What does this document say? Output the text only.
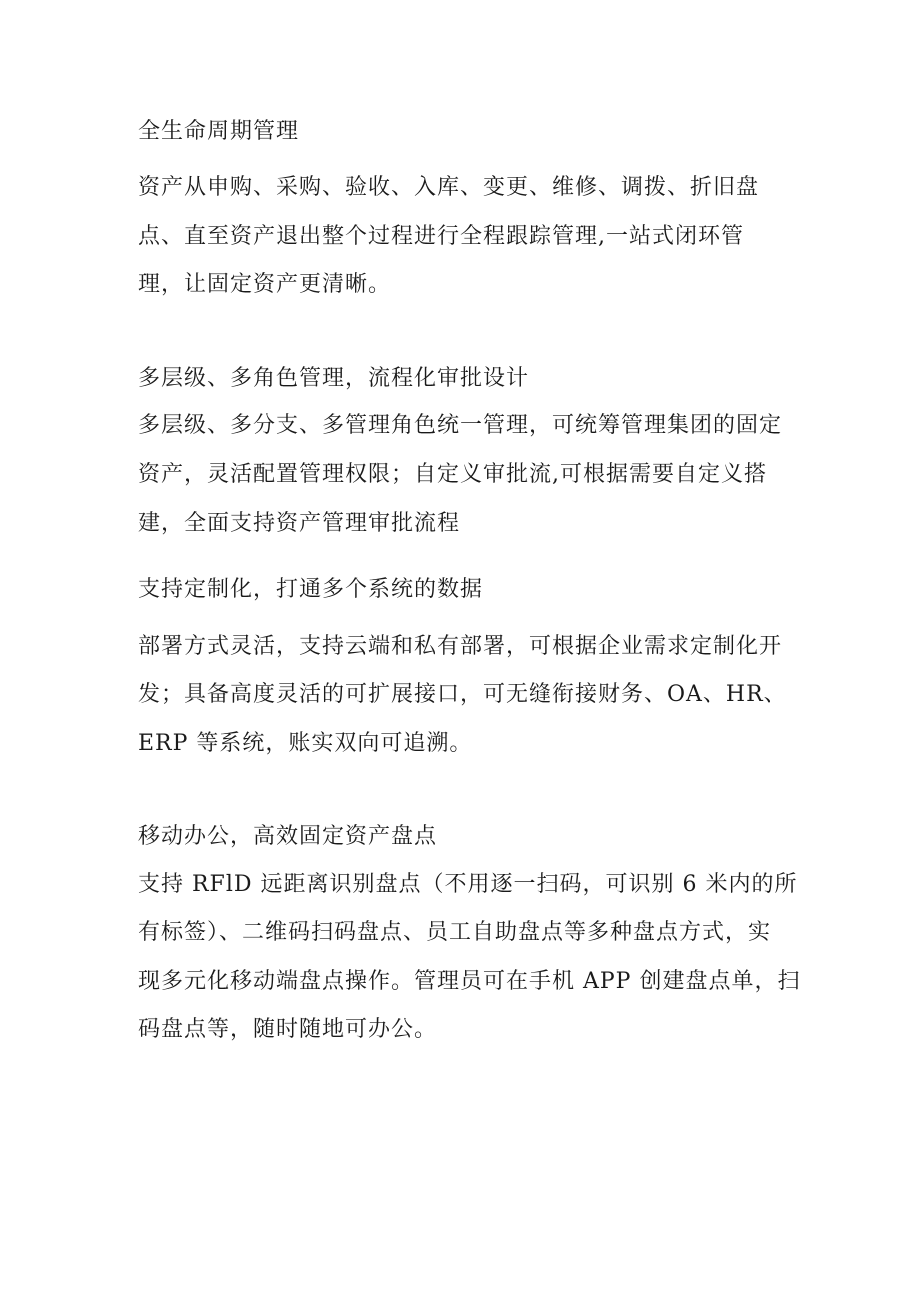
全生命周期管理

资产从申购、采购、验收、入库、变更、维修、调拨、折旧盘

点、直至资产退出整个过程进行全程跟踪管理,一站式闭环管

理，让固定资产更清晰。

多层级、多角色管理，流程化审批设计

多层级、多分支、多管理角色统一管理，可统筹管理集团的固定

资产，灵活配置管理权限；自定义审批流,可根据需要自定义搭

建，全面支持资产管理审批流程

支持定制化，打通多个系统的数据

部署方式灵活，支持云端和私有部署，可根据企业需求定制化开

发；具备高度灵活的可扩展接口，可无缝衔接财务、OA、HR、

ERP 等系统，账实双向可追溯。

移动办公，高效固定资产盘点

支持 RFlD 远距离识别盘点（不用逐一扫码，可识别 6 米内的所

有标签）、二维码扫码盘点、员工自助盘点等多种盘点方式，实

现多元化移动端盘点操作。管理员可在手机 APP 创建盘点单，扫

码盘点等，随时随地可办公。
